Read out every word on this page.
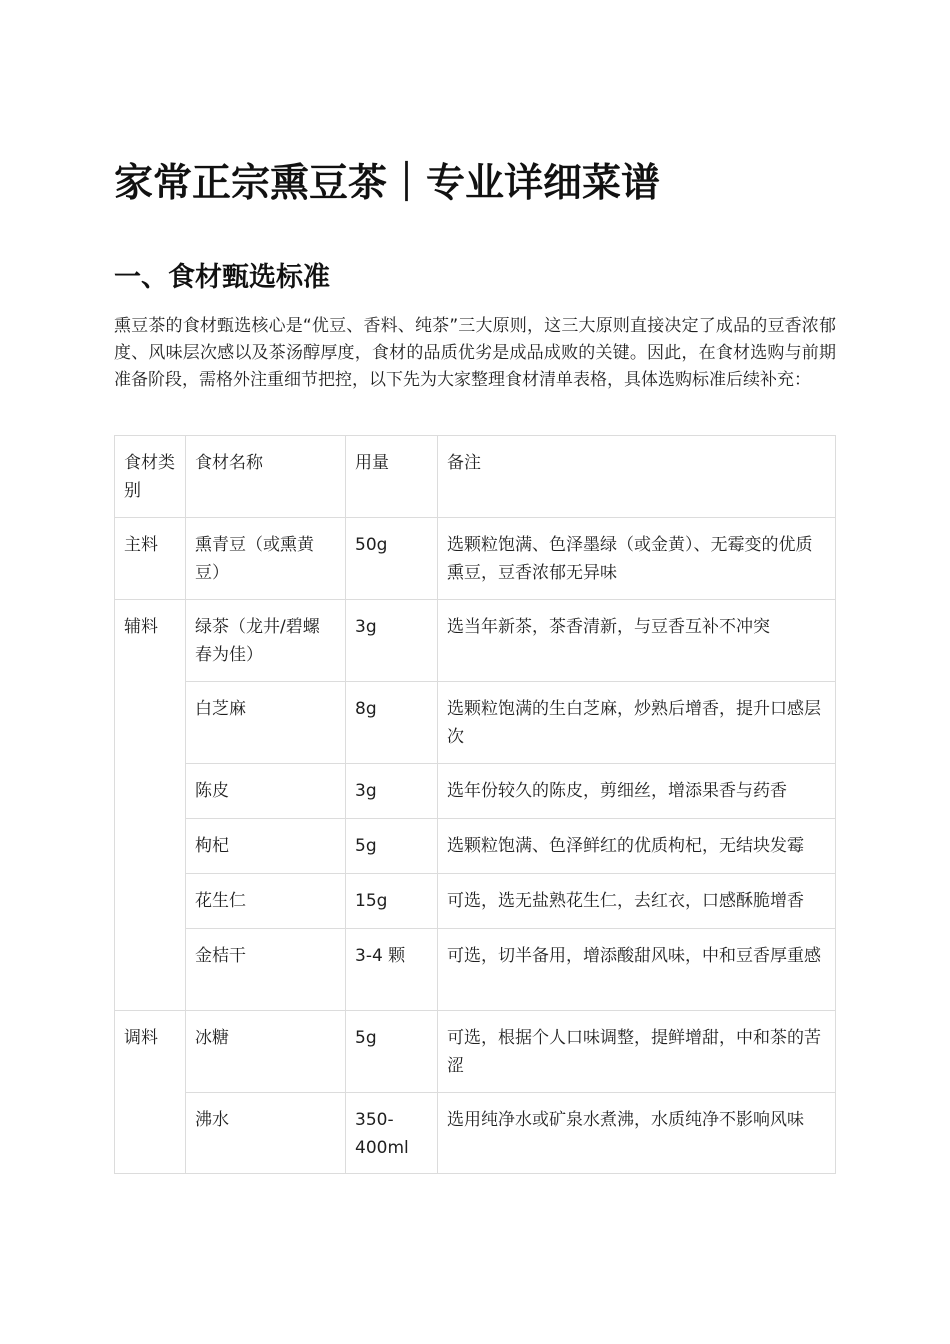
家常正宗熏豆茶｜专业详细菜谱
一、食材甄选标准

熏豆茶的食材甄选核心是“优豆、香料、纯茶”三大原则，这三大原则直接决定了成品的豆香浓郁度、风味层次感以及茶汤醇厚度，食材的品质优劣是成品成败的关键。因此，在食材选购与前期准备阶段，需格外注重细节把控，以下先为大家整理食材清单表格，具体选购标准后续补充：

食材类别	食材名称	用量	备注
主料	熏青豆（或熏黄豆）	50g	选颗粒饱满、色泽墨绿（或金黄）、无霉变的优质熏豆，豆香浓郁无异味
辅料	绿茶（龙井/碧螺春为佳）	3g	选当年新茶，茶香清新，与豆香互补不冲突
	白芝麻	8g	选颗粒饱满的生白芝麻，炒熟后增香，提升口感层次
	陈皮	3g	选年份较久的陈皮，剪细丝，增添果香与药香
	枸杞	5g	选颗粒饱满、色泽鲜红的优质枸杞，无结块发霉
	花生仁	15g	可选，选无盐熟花生仁，去红衣，口感酥脆增香
	金桔干	3-4 颗	可选，切半备用，增添酸甜风味，中和豆香厚重感
调料	冰糖	5g	可选，根据个人口味调整，提鲜增甜，中和茶的苦涩
	沸水	350-400ml	选用纯净水或矿泉水煮沸，水质纯净不影响风味
